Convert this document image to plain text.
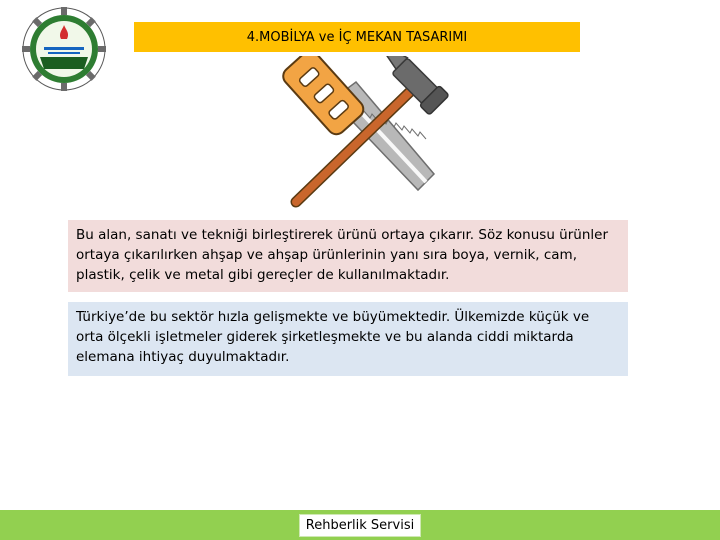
4.MOBİLYA ve İÇ MEKAN TASARIMI
Bu alan, sanatı ve tekniği birleştirerek ürünü ortaya çıkarır. Söz konusu ürünler ortaya çıkarılırken ahşap ve ahşap ürünlerinin yanı sıra boya, vernik, cam, plastik, çelik ve metal gibi gereçler de kullanılmaktadır.
Türkiye’de bu sektör hızla gelişmekte ve büyümektedir. Ülkemizde küçük ve orta ölçekli işletmeler giderek şirketleşmekte ve bu alanda ciddi miktarda elemana ihtiyaç duyulmaktadır.
Rehberlik Servisi
